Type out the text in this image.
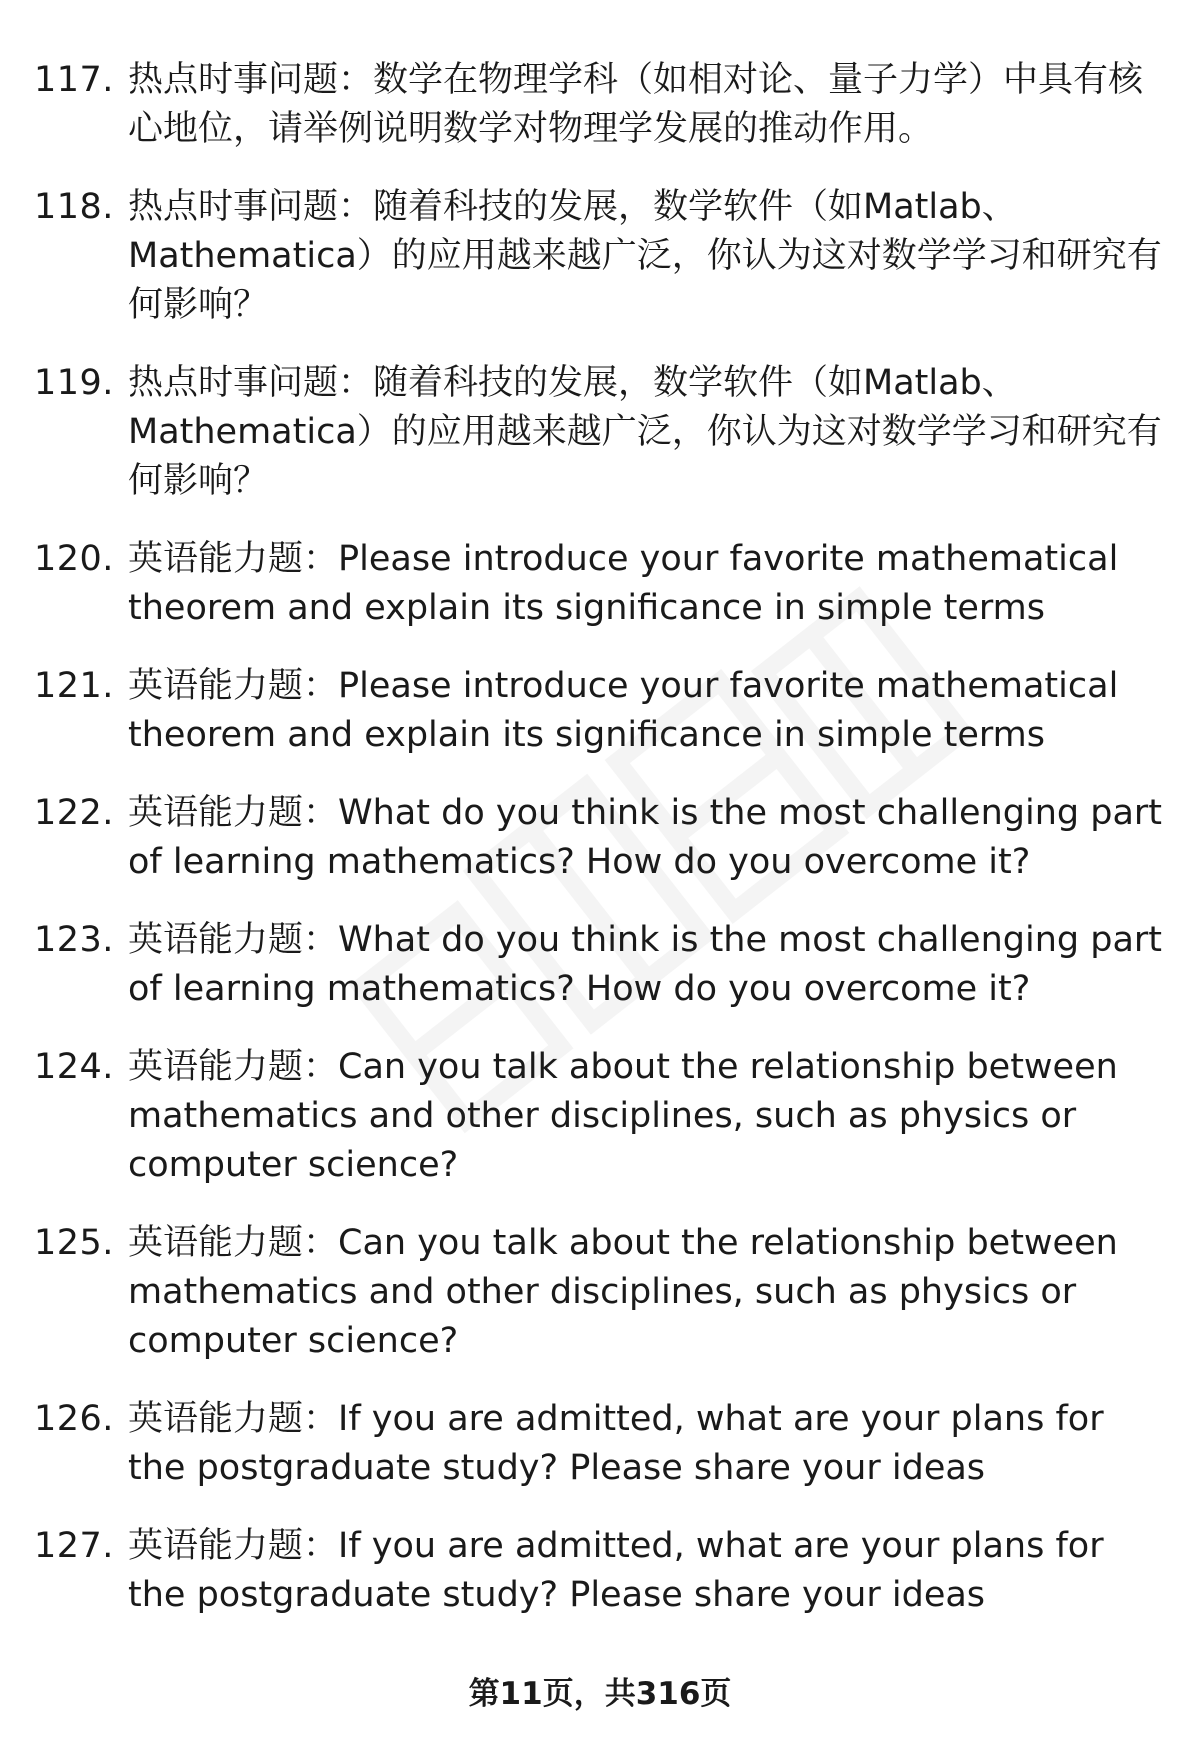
117. 热点时事问题：数学在物理学科（如相对论、量子力学）中具有核心地位，请举例说明数学对物理学发展的推动作用。
118. 热点时事问题：随着科技的发展，数学软件（如Matlab、Mathematica）的应用越来越广泛，你认为这对数学学习和研究有何影响？
119. 热点时事问题：随着科技的发展，数学软件（如Matlab、Mathematica）的应用越来越广泛，你认为这对数学学习和研究有何影响？
120. 英语能力题：Please introduce your favorite mathematical theorem and explain its significance in simple terms
121. 英语能力题：Please introduce your favorite mathematical theorem and explain its significance in simple terms
122. 英语能力题：What do you think is the most challenging part of learning mathematics? How do you overcome it?
123. 英语能力题：What do you think is the most challenging part of learning mathematics? How do you overcome it?
124. 英语能力题：Can you talk about the relationship between mathematics and other disciplines, such as physics or computer science?
125. 英语能力题：Can you talk about the relationship between mathematics and other disciplines, such as physics or computer science?
126. 英语能力题：If you are admitted, what are your plans for the postgraduate study? Please share your ideas
127. 英语能力题：If you are admitted, what are your plans for the postgraduate study? Please share your ideas
第11页，共316页
